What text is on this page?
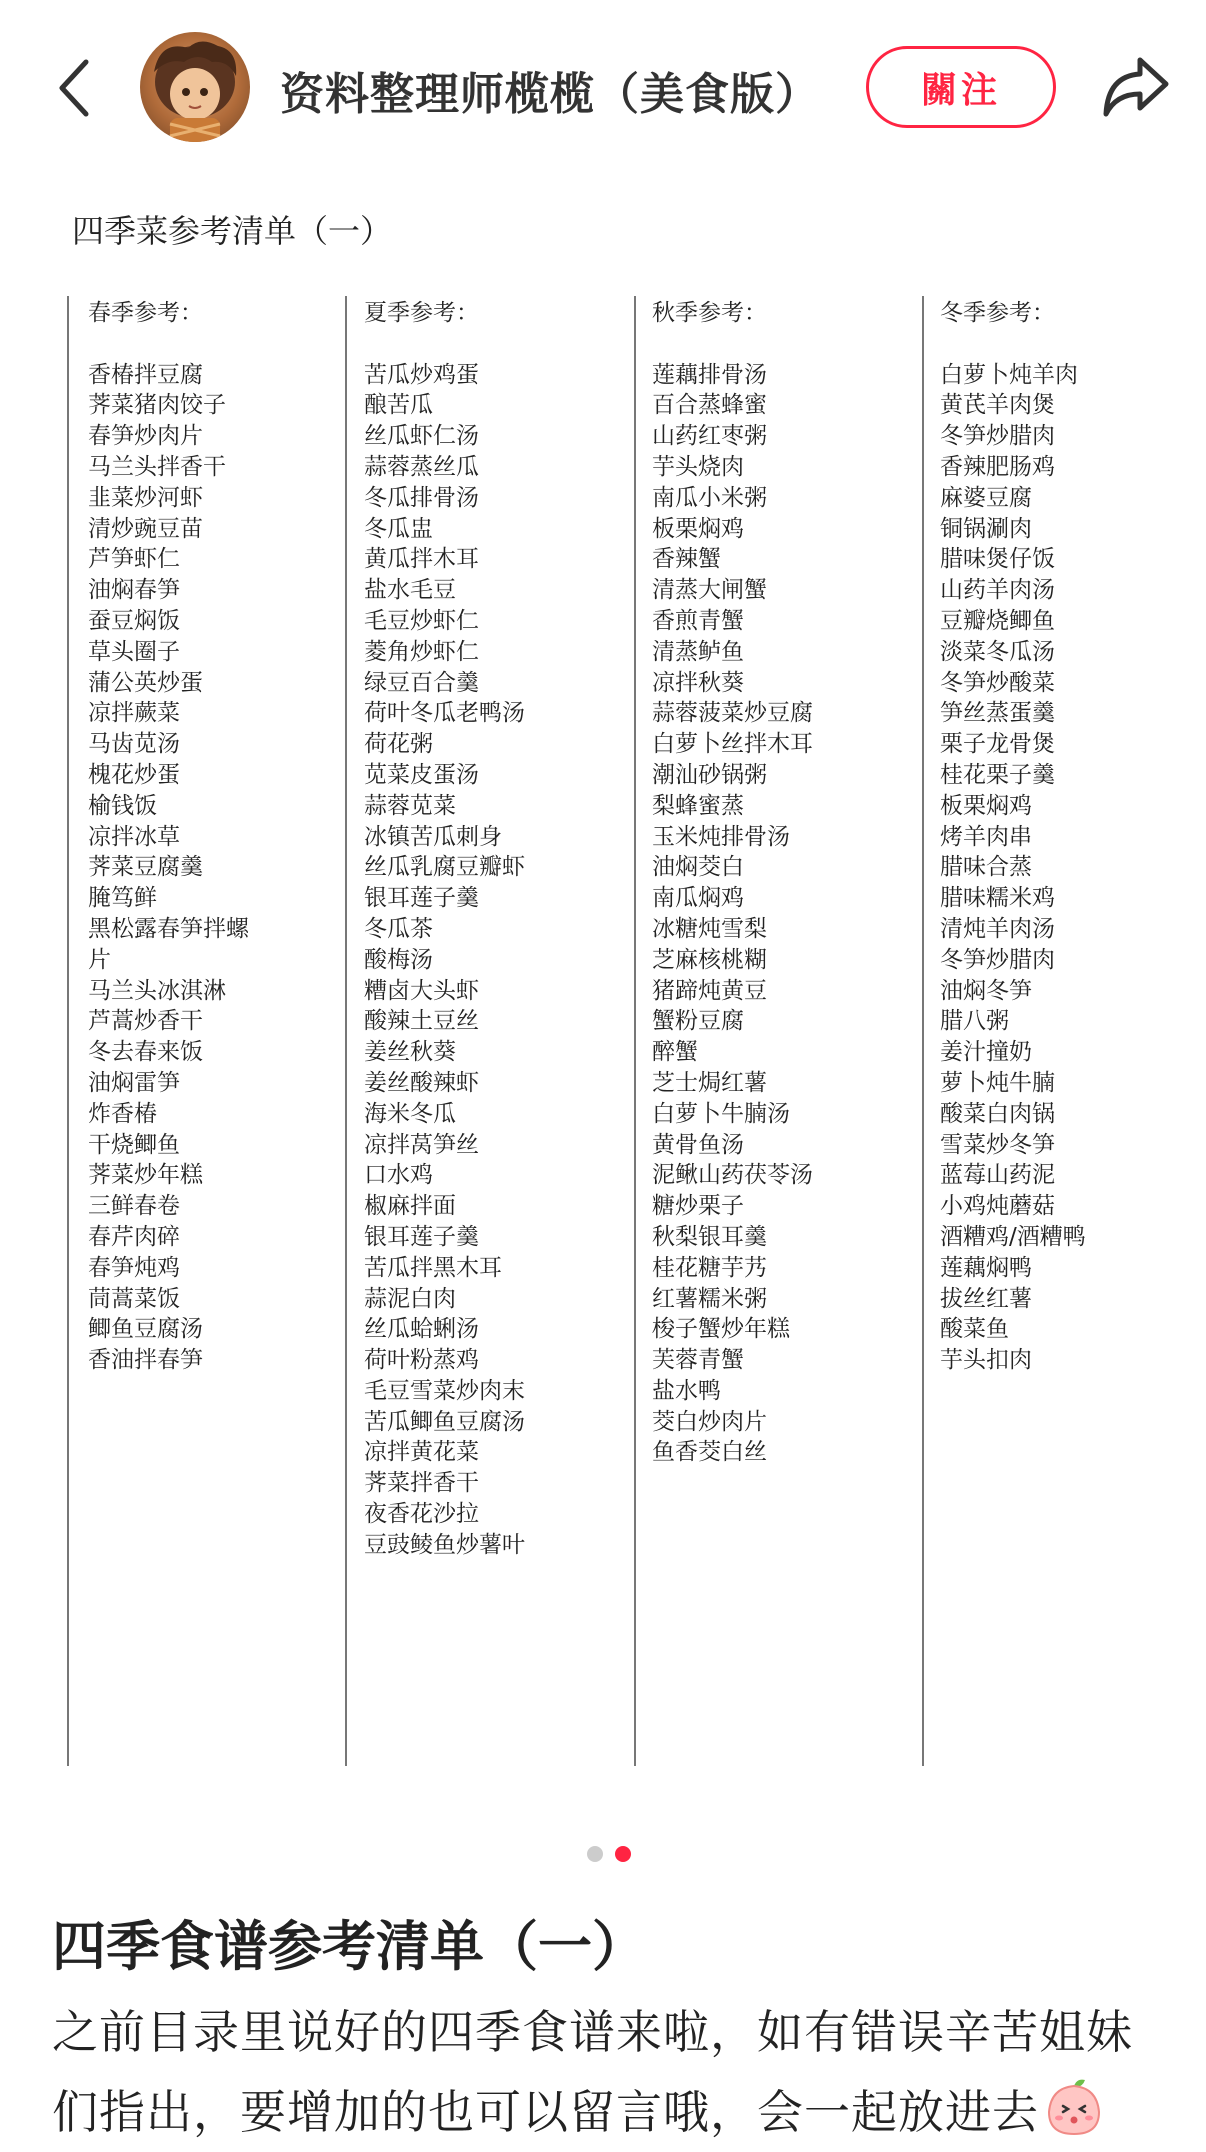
资料整理师榄榄（美食版）	關注
四季菜参考清单（一）
春季参考：
香椿拌豆腐
荠菜猪肉饺子
春笋炒肉片
马兰头拌香干
韭菜炒河虾
清炒豌豆苗
芦笋虾仁
油焖春笋
蚕豆焖饭
草头圈子
蒲公英炒蛋
凉拌蕨菜
马齿苋汤
槐花炒蛋
榆钱饭
凉拌冰草
荠菜豆腐羹
腌笃鲜
黑松露春笋拌螺
片
马兰头冰淇淋
芦蒿炒香干
冬去春来饭
油焖雷笋
炸香椿
干烧鲫鱼
荠菜炒年糕
三鲜春卷
春芹肉碎
春笋炖鸡
茼蒿菜饭
鲫鱼豆腐汤
香油拌春笋
夏季参考：
苦瓜炒鸡蛋
酿苦瓜
丝瓜虾仁汤
蒜蓉蒸丝瓜
冬瓜排骨汤
冬瓜盅
黄瓜拌木耳
盐水毛豆
毛豆炒虾仁
菱角炒虾仁
绿豆百合羹
荷叶冬瓜老鸭汤
荷花粥
苋菜皮蛋汤
蒜蓉苋菜
冰镇苦瓜刺身
丝瓜乳腐豆瓣虾
银耳莲子羹
冬瓜茶
酸梅汤
糟卤大头虾
酸辣土豆丝
姜丝秋葵
姜丝酸辣虾
海米冬瓜
凉拌莴笋丝
口水鸡
椒麻拌面
银耳莲子羹
苦瓜拌黑木耳
蒜泥白肉
丝瓜蛤蜊汤
荷叶粉蒸鸡
毛豆雪菜炒肉末
苦瓜鲫鱼豆腐汤
凉拌黄花菜
荠菜拌香干
夜香花沙拉
豆豉鲮鱼炒薯叶
秋季参考：
莲藕排骨汤
百合蒸蜂蜜
山药红枣粥
芋头烧肉
南瓜小米粥
板栗焖鸡
香辣蟹
清蒸大闸蟹
香煎青蟹
清蒸鲈鱼
凉拌秋葵
蒜蓉菠菜炒豆腐
白萝卜丝拌木耳
潮汕砂锅粥
梨蜂蜜蒸
玉米炖排骨汤
油焖茭白
南瓜焖鸡
冰糖炖雪梨
芝麻核桃糊
猪蹄炖黄豆
蟹粉豆腐
醉蟹
芝士焗红薯
白萝卜牛腩汤
黄骨鱼汤
泥鳅山药茯苓汤
糖炒栗子
秋梨银耳羹
桂花糖芋艿
红薯糯米粥
梭子蟹炒年糕
芙蓉青蟹
盐水鸭
茭白炒肉片
鱼香茭白丝
冬季参考：
白萝卜炖羊肉
黄芪羊肉煲
冬笋炒腊肉
香辣肥肠鸡
麻婆豆腐
铜锅涮肉
腊味煲仔饭
山药羊肉汤
豆瓣烧鲫鱼
淡菜冬瓜汤
冬笋炒酸菜
笋丝蒸蛋羹
栗子龙骨煲
桂花栗子羹
板栗焖鸡
烤羊肉串
腊味合蒸
腊味糯米鸡
清炖羊肉汤
冬笋炒腊肉
油焖冬笋
腊八粥
姜汁撞奶
萝卜炖牛腩
酸菜白肉锅
雪菜炒冬笋
蓝莓山药泥
小鸡炖蘑菇
酒糟鸡/酒糟鸭
莲藕焖鸭
拔丝红薯
酸菜鱼
芋头扣肉
四季食谱参考清单（一）
之前目录里说好的四季食谱来啦，如有错误辛苦姐妹们指出，要增加的也可以留言哦，会一起放进去
